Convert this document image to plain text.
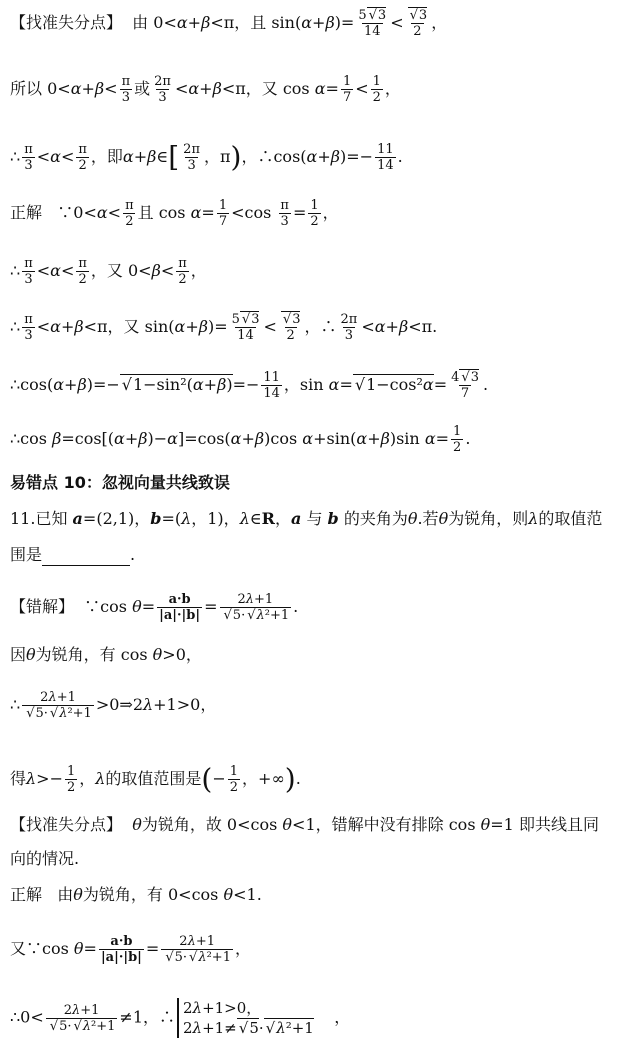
【找准失分点】  由 0<α+β<π，且 $\sin(\alpha+\beta)= \frac{5 √ 3}{14}$ < √ $\frac{3}{2}$ ，
所以 $0<\alpha+\beta< \frac{\pi}{3}$ 或 $\frac{2\pi}{3} <\alpha+\beta<\pi$，又 $\cos \alpha= \frac{1}{7} < \frac{1}{2}$ ，
∴ $\frac{\pi}{3} <\alpha< \frac{\pi}{2}$ ，即α+β∈[ $\frac{2\pi}{3}$ ，π)，∴cos(α+β)=− $\frac{11}{14}$ .
正解   ∵0<α< $\frac{\pi}{2}$ 且 $\cos \alpha= \frac{1}{7} <\cos \frac{\pi}{3} = \frac{1}{2}$ ，
∴ $\frac{\pi}{3} <\alpha< \frac{\pi}{2}$ ，又 $0<\beta< \frac{\pi}{2}$ ，
∴ $\frac{\pi}{3} <\alpha+\beta<\pi$，又 $\sin(\alpha+\beta)= \frac{5 √ 3}{14}$ < √ $\frac{3}{2}$ ，∴ $\frac{2\pi}{3} <\alpha+\beta<\pi$.
∴cos(α+β)=− √ $1-\sin^2(\alpha+\beta)=- \frac{11}{14}$ ，sin α= √ $1-\cos^2\alpha= \frac{4 √ 3}{7}$ .
∴cos β=cos[(α+β)−α]=cos(α+β)cos α+sin(α+β)sin $\alpha= \frac{1}{2}$ .
易错点 10：忽视向量共线致误
11.已知 a=(2,1)，b=(λ，1)，λ∈R，a 与 b 的夹角为θ.若θ为锐角，则λ的取值范
围是	.
【错解】  ∵cos $\theta= \frac{a\cdot b}{|a|\cdot|b|} = 2\lambda+1$
√ 5· √ λ²+1 .
因θ为锐角，有 cos θ>0，
∴ 2λ+1
√ 5· √ λ²+1 >0⇒2λ+1>0，
得$\lambda>- \frac{1}{2}$ ，λ的取值范围是(− $\frac{1}{2}$ ，+∞).
【找准失分点】  θ为锐角，故 0<cos θ<1，错解中没有排除 cos θ=1 即共线且同
向的情况.
正解   由θ为锐角，有 0<cos θ<1.
又∵cos $\theta= \frac{a\cdot b}{|a|\cdot|b|} = 2\lambda+1$
√ 5· √ λ²+1 ，
∴0< 2λ+1
√ 5· √ λ²+1 ≠1，∴ 2λ+1>0，
2λ+1≠ √ 5· √ λ²+1
，
